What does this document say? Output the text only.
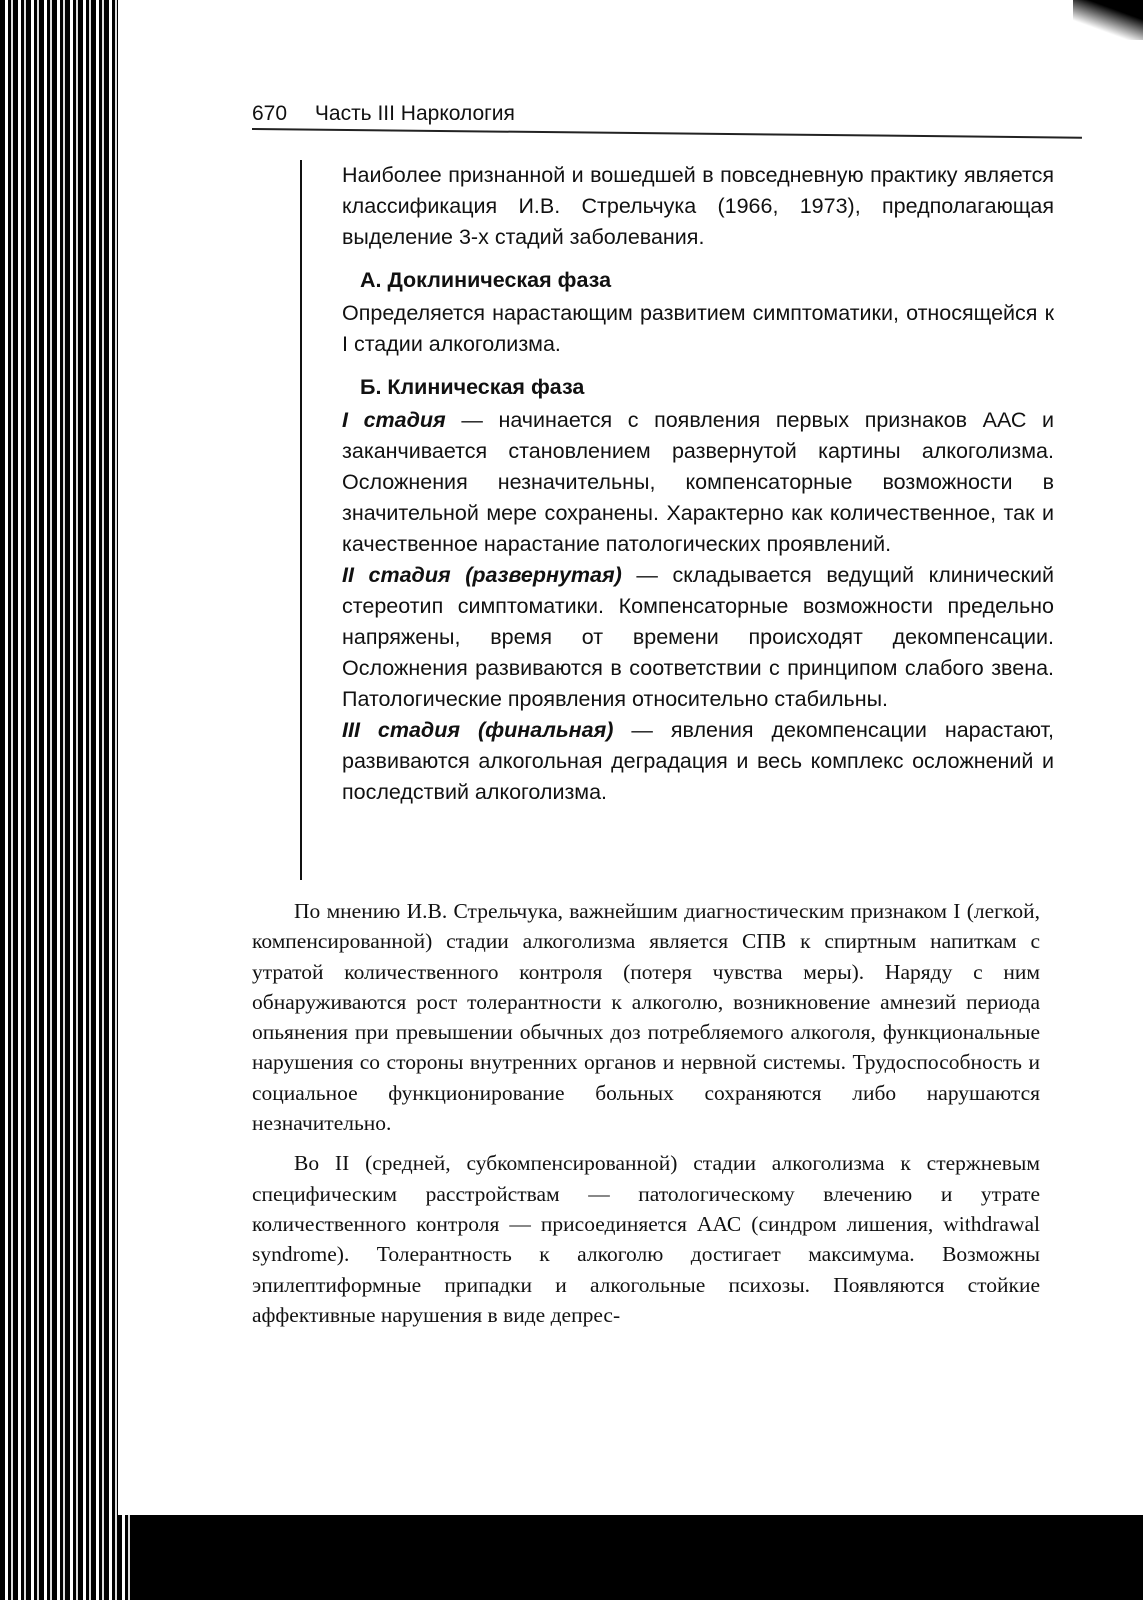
670 Часть III Наркология

Наиболее признанной и вошедшей в повседневную практику является классификация И.В. Стрельчука (1966, 1973), предполагающая выделение 3-х стадий заболевания.

А. Доклиническая фаза

Определяется нарастающим развитием симптоматики, относящейся к I стадии алкоголизма.

Б. Клиническая фаза

I стадия — начинается с появления первых признаков ААС и заканчивается становлением развернутой картины алкоголизма. Осложнения незначительны, компенсаторные возможности в значительной мере сохранены. Характерно как количественное, так и качественное нарастание патологических проявлений.

II стадия (развернутая) — складывается ведущий клинический стереотип симптоматики. Компенсаторные возможности предельно напряжены, время от времени происходят декомпенсации. Осложнения развиваются в соответствии с принципом слабого звена. Патологические проявления относительно стабильны.

III стадия (финальная) — явления декомпенсации нарастают, развиваются алкогольная деградация и весь комплекс осложнений и последствий алкоголизма.

По мнению И.В. Стрельчука, важнейшим диагностическим признаком I (легкой, компенсированной) стадии алкоголизма является СПВ к спиртным напиткам с утратой количественного контроля (потеря чувства меры). Наряду с ним обнаруживаются рост толерантности к алкоголю, возникновение амнезий периода опьянения при превышении обычных доз потребляемого алкоголя, функциональные нарушения со стороны внутренних органов и нервной системы. Трудоспособность и социальное функционирование больных сохраняются либо нарушаются незначительно.

Во II (средней, субкомпенсированной) стадии алкоголизма к стержневым специфическим расстройствам — патологическому влечению и утрате количественного контроля — присоединяется ААС (синдром лишения, withdrawal syndrome). Толерантность к алкоголю достигает максимума. Возможны эпилептиформные припадки и алкогольные психозы. Появляются стойкие аффективные нарушения в виде депрес-
